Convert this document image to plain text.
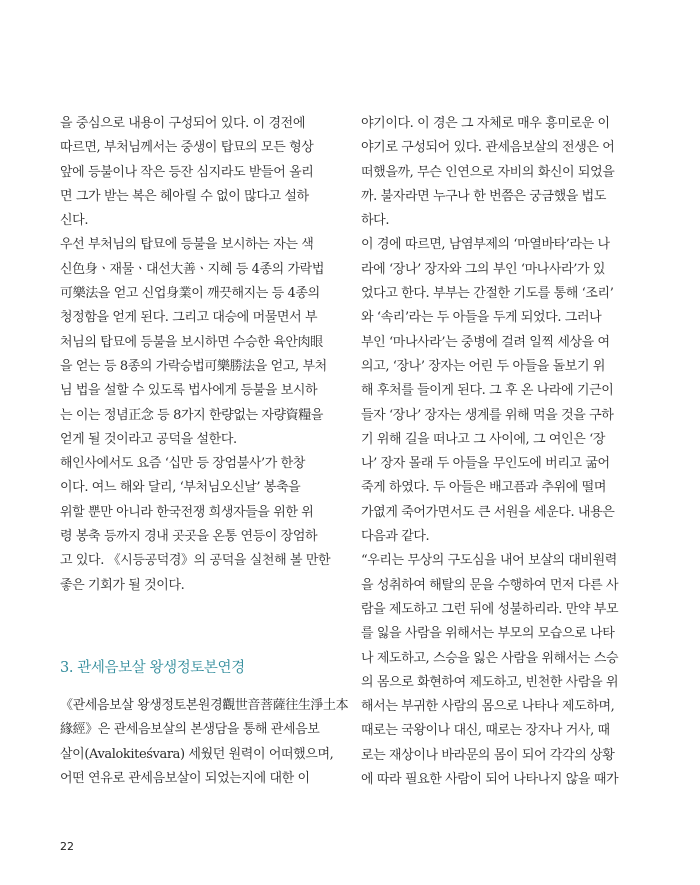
을 중심으로 내용이 구성되어 있다. 이 경전에

따르면, 부처님께서는 중생이 탑묘의 모든 형상

앞에 등불이나 작은 등잔 심지라도 받들어 올리

면 그가 받는 복은 헤아릴 수 없이 많다고 설하

신다.

우선 부처님의 탑묘에 등불을 보시하는 자는 색

신色身ㆍ재물ㆍ대선大善ㆍ지혜 등 4종의 가락법

可樂法을 얻고 신업身業이 깨끗해지는 등 4종의

청정함을 얻게 된다. 그리고 대승에 머물면서 부

처님의 탑묘에 등불을 보시하면 수승한 육안肉眼

을 얻는 등 8종의 가락승법可樂勝法을 얻고, 부처

님 법을 설할 수 있도록 법사에게 등불을 보시하

는 이는 정념正念 등 8가지 한량없는 자량資糧을

얻게 될 것이라고 공덕을 설한다.

해인사에서도 요즘 ‘십만 등 장엄불사’가 한창

이다. 여느 해와 달리, ‘부처님오신날’ 봉축을

위할 뿐만 아니라 한국전쟁 희생자들을 위한 위

령 봉축 등까지 경내 곳곳을 온통 연등이 장엄하

고 있다. 《시등공덕경》의 공덕을 실천해 볼 만한

좋은 기회가 될 것이다.

3. 관세음보살 왕생정토본연경

《관세음보살 왕생정토본원경觀世音菩薩往生淨土本

緣經》은 관세음보살의 본생담을 통해 관세음보

살이(Avalokiteśvara) 세웠던 원력이 어떠했으며,

어떤 연유로 관세음보살이 되었는지에 대한 이

야기이다. 이 경은 그 자체로 매우 흥미로운 이

야기로 구성되어 있다. 관세음보살의 전생은 어

떠했을까, 무슨 인연으로 자비의 화신이 되었을

까. 불자라면 누구나 한 번쯤은 궁금했을 법도

하다.

이 경에 따르면, 남염부제의 ‘마열바타’라는 나

라에 ‘장나’ 장자와 그의 부인 ‘마나사라’가 있

었다고 한다. 부부는 간절한 기도를 통해 ‘조리’

와 ‘속리’라는 두 아들을 두게 되었다. 그러나

부인 ‘마나사라’는 중병에 걸려 일찍 세상을 여

의고, ‘장나’ 장자는 어린 두 아들을 돌보기 위

해 후처를 들이게 된다. 그 후 온 나라에 기근이

들자 ‘장나’ 장자는 생계를 위해 먹을 것을 구하

기 위해 길을 떠나고 그 사이에, 그 여인은 ‘장

나’ 장자 몰래 두 아들을 무인도에 버리고 굶어

죽게 하였다. 두 아들은 배고픔과 추위에 떨며

가엾게 죽어가면서도 큰 서원을 세운다. 내용은

다음과 같다.

“우리는 무상의 구도심을 내어 보살의 대비원력

을 성취하여 해탈의 문을 수행하여 먼저 다른 사

람을 제도하고 그런 뒤에 성불하리라. 만약 부모

를 잃을 사람을 위해서는 부모의 모습으로 나타

나 제도하고, 스승을 잃은 사람을 위해서는 스승

의 몸으로 화현하여 제도하고, 빈천한 사람을 위

해서는 부귀한 사람의 몸으로 나타나 제도하며,

때로는 국왕이나 대신, 때로는 장자나 거사, 때

로는 재상이나 바라문의 몸이 되어 각각의 상황

에 따라 필요한 사람이 되어 나타나지 않을 때가

22
